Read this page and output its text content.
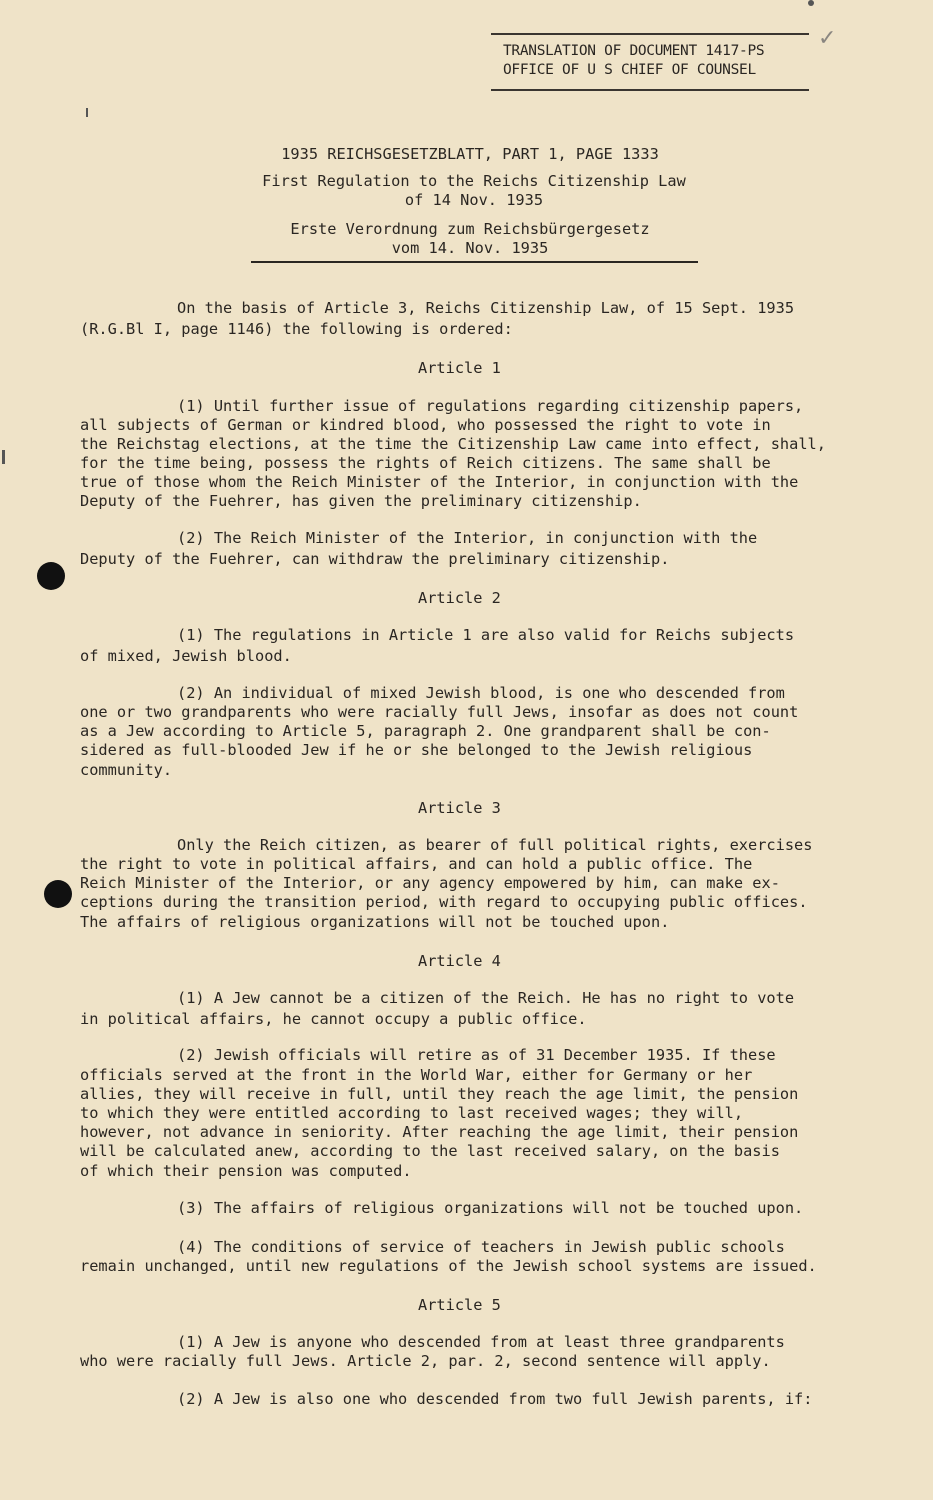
TRANSLATION OF DOCUMENT 1417-PS
OFFICE OF U S CHIEF OF COUNSEL
✓
1935 REICHSGESETZBLATT, PART 1, PAGE 1333
First Regulation to the Reichs Citizenship Law
of 14 Nov. 1935
Erste Verordnung zum Reichsbürgergesetz
vom 14. Nov. 1935
On the basis of Article 3, Reichs Citizenship Law, of 15 Sept. 1935
(R.G.Bl I, page 1146) the following is ordered:
Article 1
(1) Until further issue of regulations regarding citizenship papers,
all subjects of German or kindred blood, who possessed the right to vote in
the Reichstag elections, at the time the Citizenship Law came into effect, shall,
for the time being, possess the rights of Reich citizens. The same shall be
true of those whom the Reich Minister of the Interior, in conjunction with the
Deputy of the Fuehrer, has given the preliminary citizenship.
(2) The Reich Minister of the Interior, in conjunction with the
Deputy of the Fuehrer, can withdraw the preliminary citizenship.
Article 2
(1) The regulations in Article 1 are also valid for Reichs subjects
of mixed, Jewish blood.
(2) An individual of mixed Jewish blood, is one who descended from
one or two grandparents who were racially full Jews, insofar as does not count
as a Jew according to Article 5, paragraph 2. One grandparent shall be con-
sidered as full-blooded Jew if he or she belonged to the Jewish religious
community.
Article 3
Only the Reich citizen, as bearer of full political rights, exercises
the right to vote in political affairs, and can hold a public office. The
Reich Minister of the Interior, or any agency empowered by him, can make ex-
ceptions during the transition period, with regard to occupying public offices.
The affairs of religious organizations will not be touched upon.
Article 4
(1) A Jew cannot be a citizen of the Reich. He has no right to vote
in political affairs, he cannot occupy a public office.
(2) Jewish officials will retire as of 31 December 1935. If these
officials served at the front in the World War, either for Germany or her
allies, they will receive in full, until they reach the age limit, the pension
to which they were entitled according to last received wages; they will,
however, not advance in seniority. After reaching the age limit, their pension
will be calculated anew, according to the last received salary, on the basis
of which their pension was computed.
(3) The affairs of religious organizations will not be touched upon.
(4) The conditions of service of teachers in Jewish public schools
remain unchanged, until new regulations of the Jewish school systems are issued.
Article 5
(1) A Jew is anyone who descended from at least three grandparents
who were racially full Jews. Article 2, par. 2, second sentence will apply.
(2) A Jew is also one who descended from two full Jewish parents, if:
